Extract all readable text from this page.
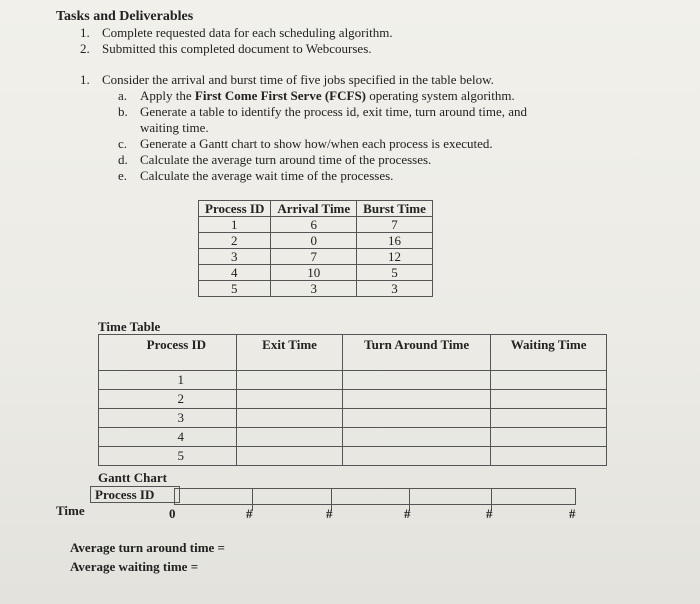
Tasks and Deliverables
1. Complete requested data for each scheduling algorithm.
2. Submitted this completed document to Webcourses.
1. Consider the arrival and burst time of five jobs specified in the table below.
a. Apply the First Come First Serve (FCFS) operating system algorithm.
b. Generate a table to identify the process id, exit time, turn around time, and
waiting time.
c. Generate a Gantt chart to show how/when each process is executed.
d. Calculate the average turn around time of the processes.
e. Calculate the average wait time of the processes.
Process ID	Arrival Time	Burst Time
1	6	7
2	0	16
3	7	12
4	10	5
5	3	3
Time Table
Process ID	Exit Time	Turn Around Time	Waiting Time
1			
2			
3			
4			
5			
Gantt Chart
Process ID
Time	0	#	#	#	#	#
Average turn around time =
Average waiting time =
